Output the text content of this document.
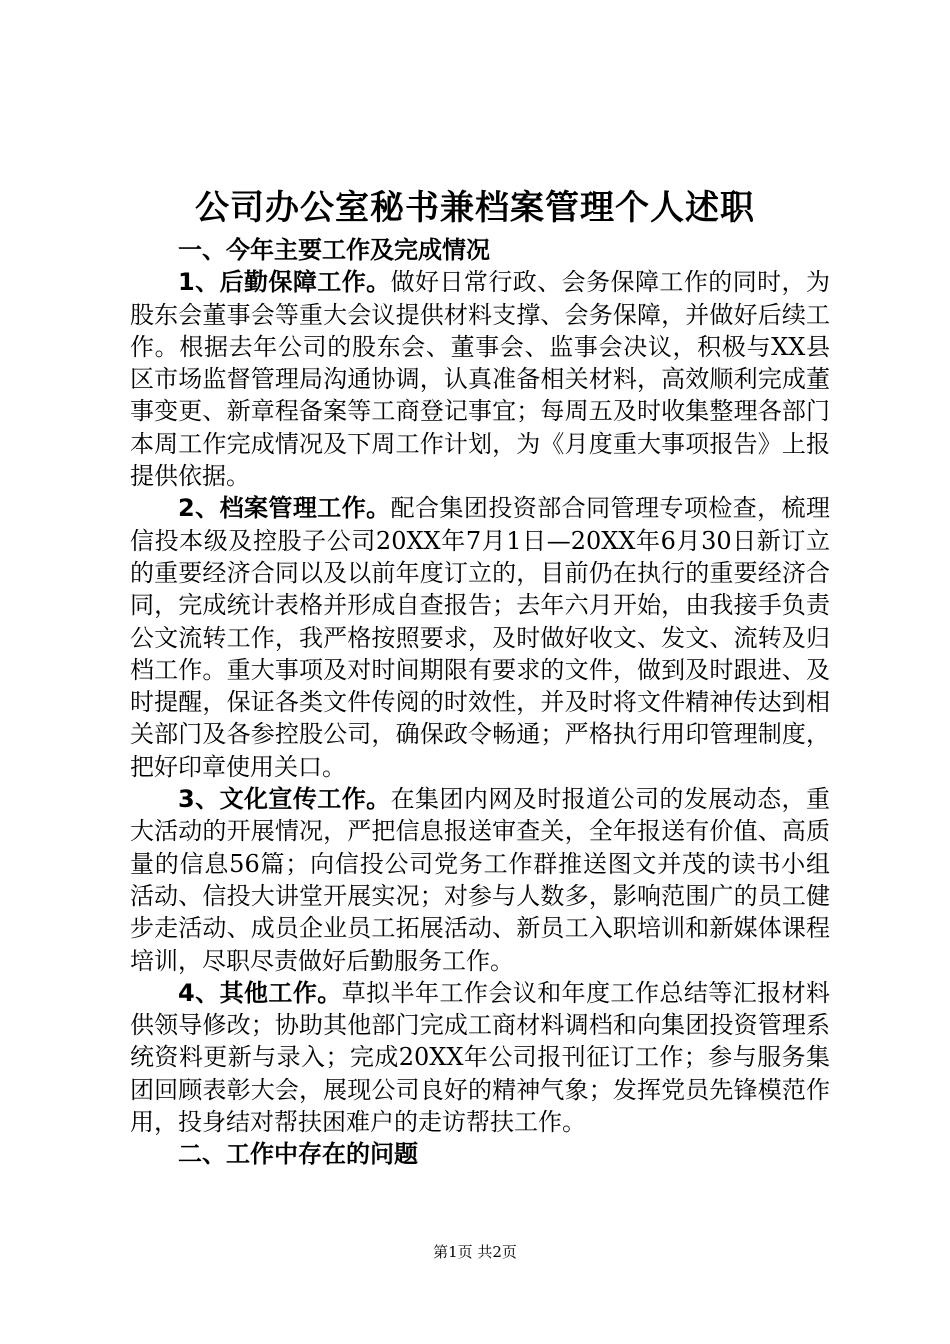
公司办公室秘书兼档案管理个人述职

一、今年主要工作及完成情况

1、后勤保障工作。做好日常行政、会务保障工作的同时，为股东会董事会等重大会议提供材料支撑、会务保障，并做好后续工作。根据去年公司的股东会、董事会、监事会决议，积极与XX县区市场监督管理局沟通协调，认真准备相关材料，高效顺利完成董事变更、新章程备案等工商登记事宜；每周五及时收集整理各部门本周工作完成情况及下周工作计划，为《月度重大事项报告》上报提供依据。

2、档案管理工作。配合集团投资部合同管理专项检查，梳理信投本级及控股子公司20XX年7月1日—20XX年6月30日新订立的重要经济合同以及以前年度订立的，目前仍在执行的重要经济合同，完成统计表格并形成自查报告；去年六月开始，由我接手负责公文流转工作，我严格按照要求，及时做好收文、发文、流转及归档工作。重大事项及对时间期限有要求的文件，做到及时跟进、及时提醒，保证各类文件传阅的时效性，并及时将文件精神传达到相关部门及各参控股公司，确保政令畅通；严格执行用印管理制度，把好印章使用关口。

3、文化宣传工作。在集团内网及时报道公司的发展动态，重大活动的开展情况，严把信息报送审查关，全年报送有价值、高质量的信息56篇；向信投公司党务工作群推送图文并茂的读书小组活动、信投大讲堂开展实况；对参与人数多，影响范围广的员工健步走活动、成员企业员工拓展活动、新员工入职培训和新媒体课程培训，尽职尽责做好后勤服务工作。

4、其他工作。草拟半年工作会议和年度工作总结等汇报材料供领导修改；协助其他部门完成工商材料调档和向集团投资管理系统资料更新与录入；完成20XX年公司报刊征订工作；参与服务集团回顾表彰大会，展现公司良好的精神气象；发挥党员先锋模范作用，投身结对帮扶困难户的走访帮扶工作。

二、工作中存在的问题

第1页 共2页
